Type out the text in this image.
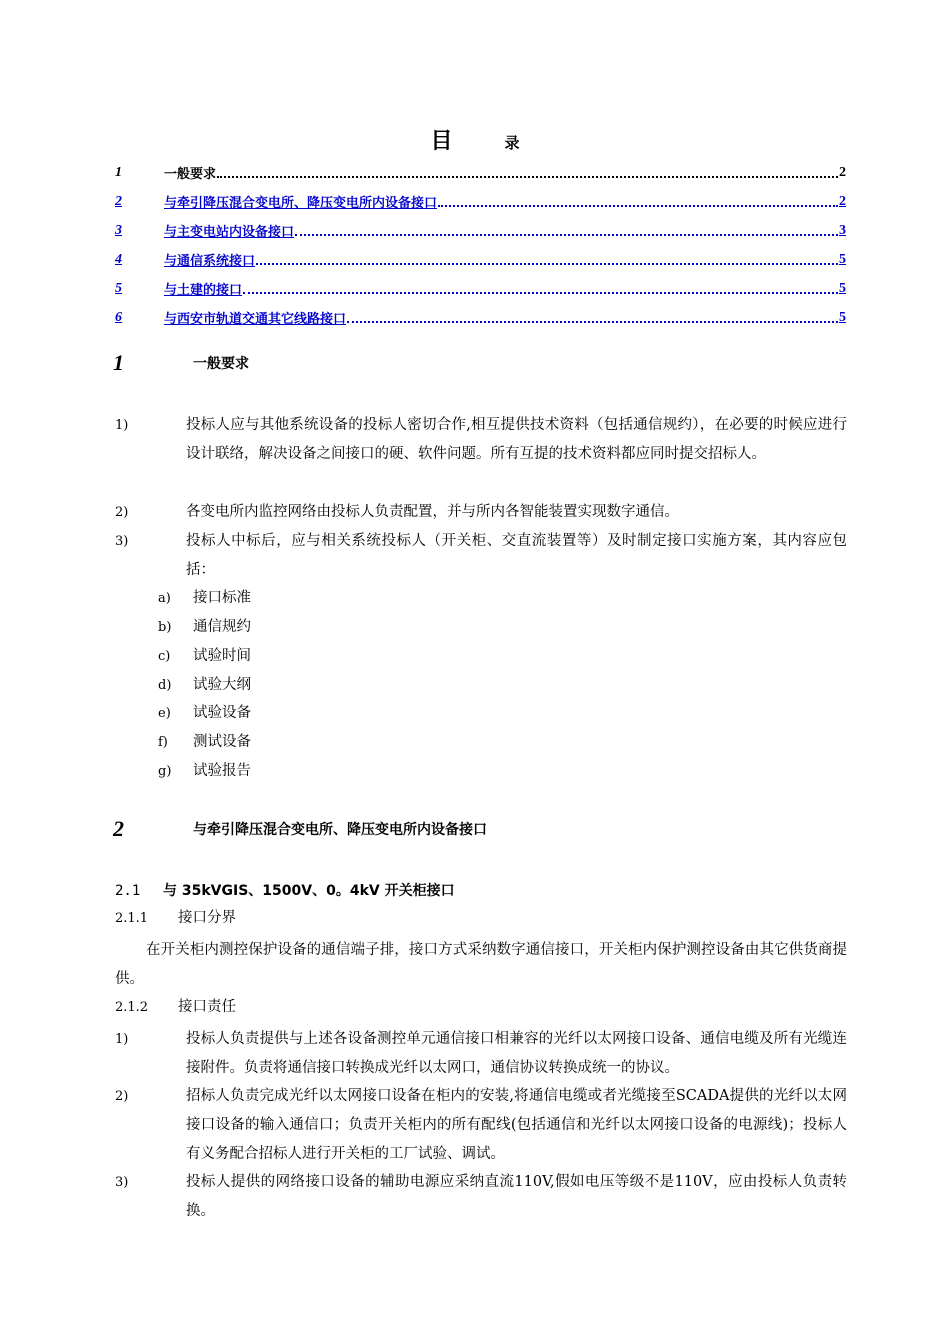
目	录
1	一般要求	2
2	与牵引降压混合变电所、降压变电所内设备接口	2
3	与主变电站内设备接口	3
4	与通信系统接口	5
5	与土建的接口	5
6	与西安市轨道交通其它线路接口	5
1	一般要求
1)	投标人应与其他系统设备的投标人密切合作,相互提供技术资料（包括通信规约），在必要的时候应进行设计联络，解决设备之间接口的硬、软件问题。所有互提的技术资料都应同时提交招标人。
2)	各变电所内监控网络由投标人负责配置，并与所内各智能装置实现数字通信。
3)	投标人中标后，应与相关系统投标人（开关柜、交直流装置等）及时制定接口实施方案，其内容应包括：
a)	接口标准
b)	通信规约
c)	试验时间
d)	试验大纲
e)	试验设备
f)	测试设备
g)	试验报告
2	与牵引降压混合变电所、降压变电所内设备接口
2.1 与 35kVGIS、1500V、0。4kV 开关柜接口
2.1.1 接口分界
在开关柜内测控保护设备的通信端子排，接口方式采纳数字通信接口，开关柜内保护测控设备由其它供货商提供。
2.1.2 接口责任
1)	投标人负责提供与上述各设备测控单元通信接口相兼容的光纤以太网接口设备、通信电缆及所有光缆连接附件。负责将通信接口转换成光纤以太网口，通信协议转换成统一的协议。
2)	招标人负责完成光纤以太网接口设备在柜内的安装,将通信电缆或者光缆接至SCADA提供的光纤以太网接口设备的输入通信口；负责开关柜内的所有配线(包括通信和光纤以太网接口设备的电源线)；投标人有义务配合招标人进行开关柜的工厂试验、调试。
3)	投标人提供的网络接口设备的辅助电源应采纳直流110V,假如电压等级不是110V，应由投标人负责转换。
